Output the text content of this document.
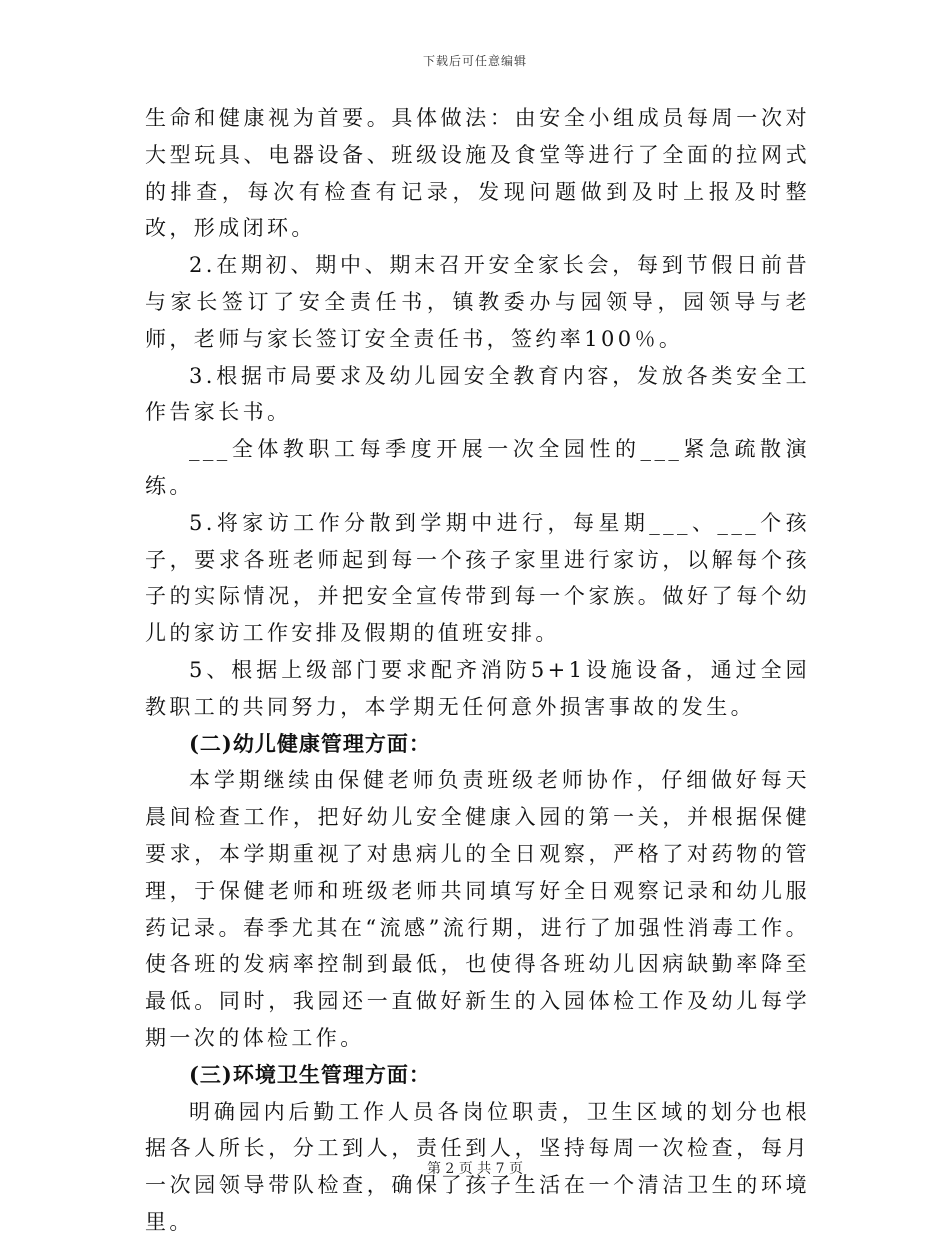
下载后可任意编辑

生命和健康视为首要。具体做法：由安全小组成员每周一次对大型玩具、电器设备、班级设施及食堂等进行了全面的拉网式的排查，每次有检查有记录，发现问题做到及时上报及时整改，形成闭环。

2.在期初、期中、期末召开安全家长会，每到节假日前昔与家长签订了安全责任书，镇教委办与园领导，园领导与老师，老师与家长签订安全责任书，签约率100％。

3.根据市局要求及幼儿园安全教育内容，发放各类安全工作告家长书。

___全体教职工每季度开展一次全园性的___紧急疏散演练。

5.将家访工作分散到学期中进行，每星期___、___个孩子，要求各班老师起到每一个孩子家里进行家访，以解每个孩子的实际情况，并把安全宣传带到每一个家族。做好了每个幼儿的家访工作安排及假期的值班安排。

5、根据上级部门要求配齐消防5+1设施设备，通过全园教职工的共同努力，本学期无任何意外损害事故的发生。

(二)幼儿健康管理方面：

本学期继续由保健老师负责班级老师协作，仔细做好每天晨间检查工作，把好幼儿安全健康入园的第一关，并根据保健要求，本学期重视了对患病儿的全日观察，严格了对药物的管理，于保健老师和班级老师共同填写好全日观察记录和幼儿服药记录。春季尤其在“流感”流行期，进行了加强性消毒工作。使各班的发病率控制到最低，也使得各班幼儿因病缺勤率降至最低。同时，我园还一直做好新生的入园体检工作及幼儿每学期一次的体检工作。

(三)环境卫生管理方面：

明确园内后勤工作人员各岗位职责，卫生区域的划分也根据各人所长，分工到人，责任到人，坚持每周一次检查，每月一次园领导带队检查，确保了孩子生活在一个清洁卫生的环境里。

第 2 页 共 7 页
